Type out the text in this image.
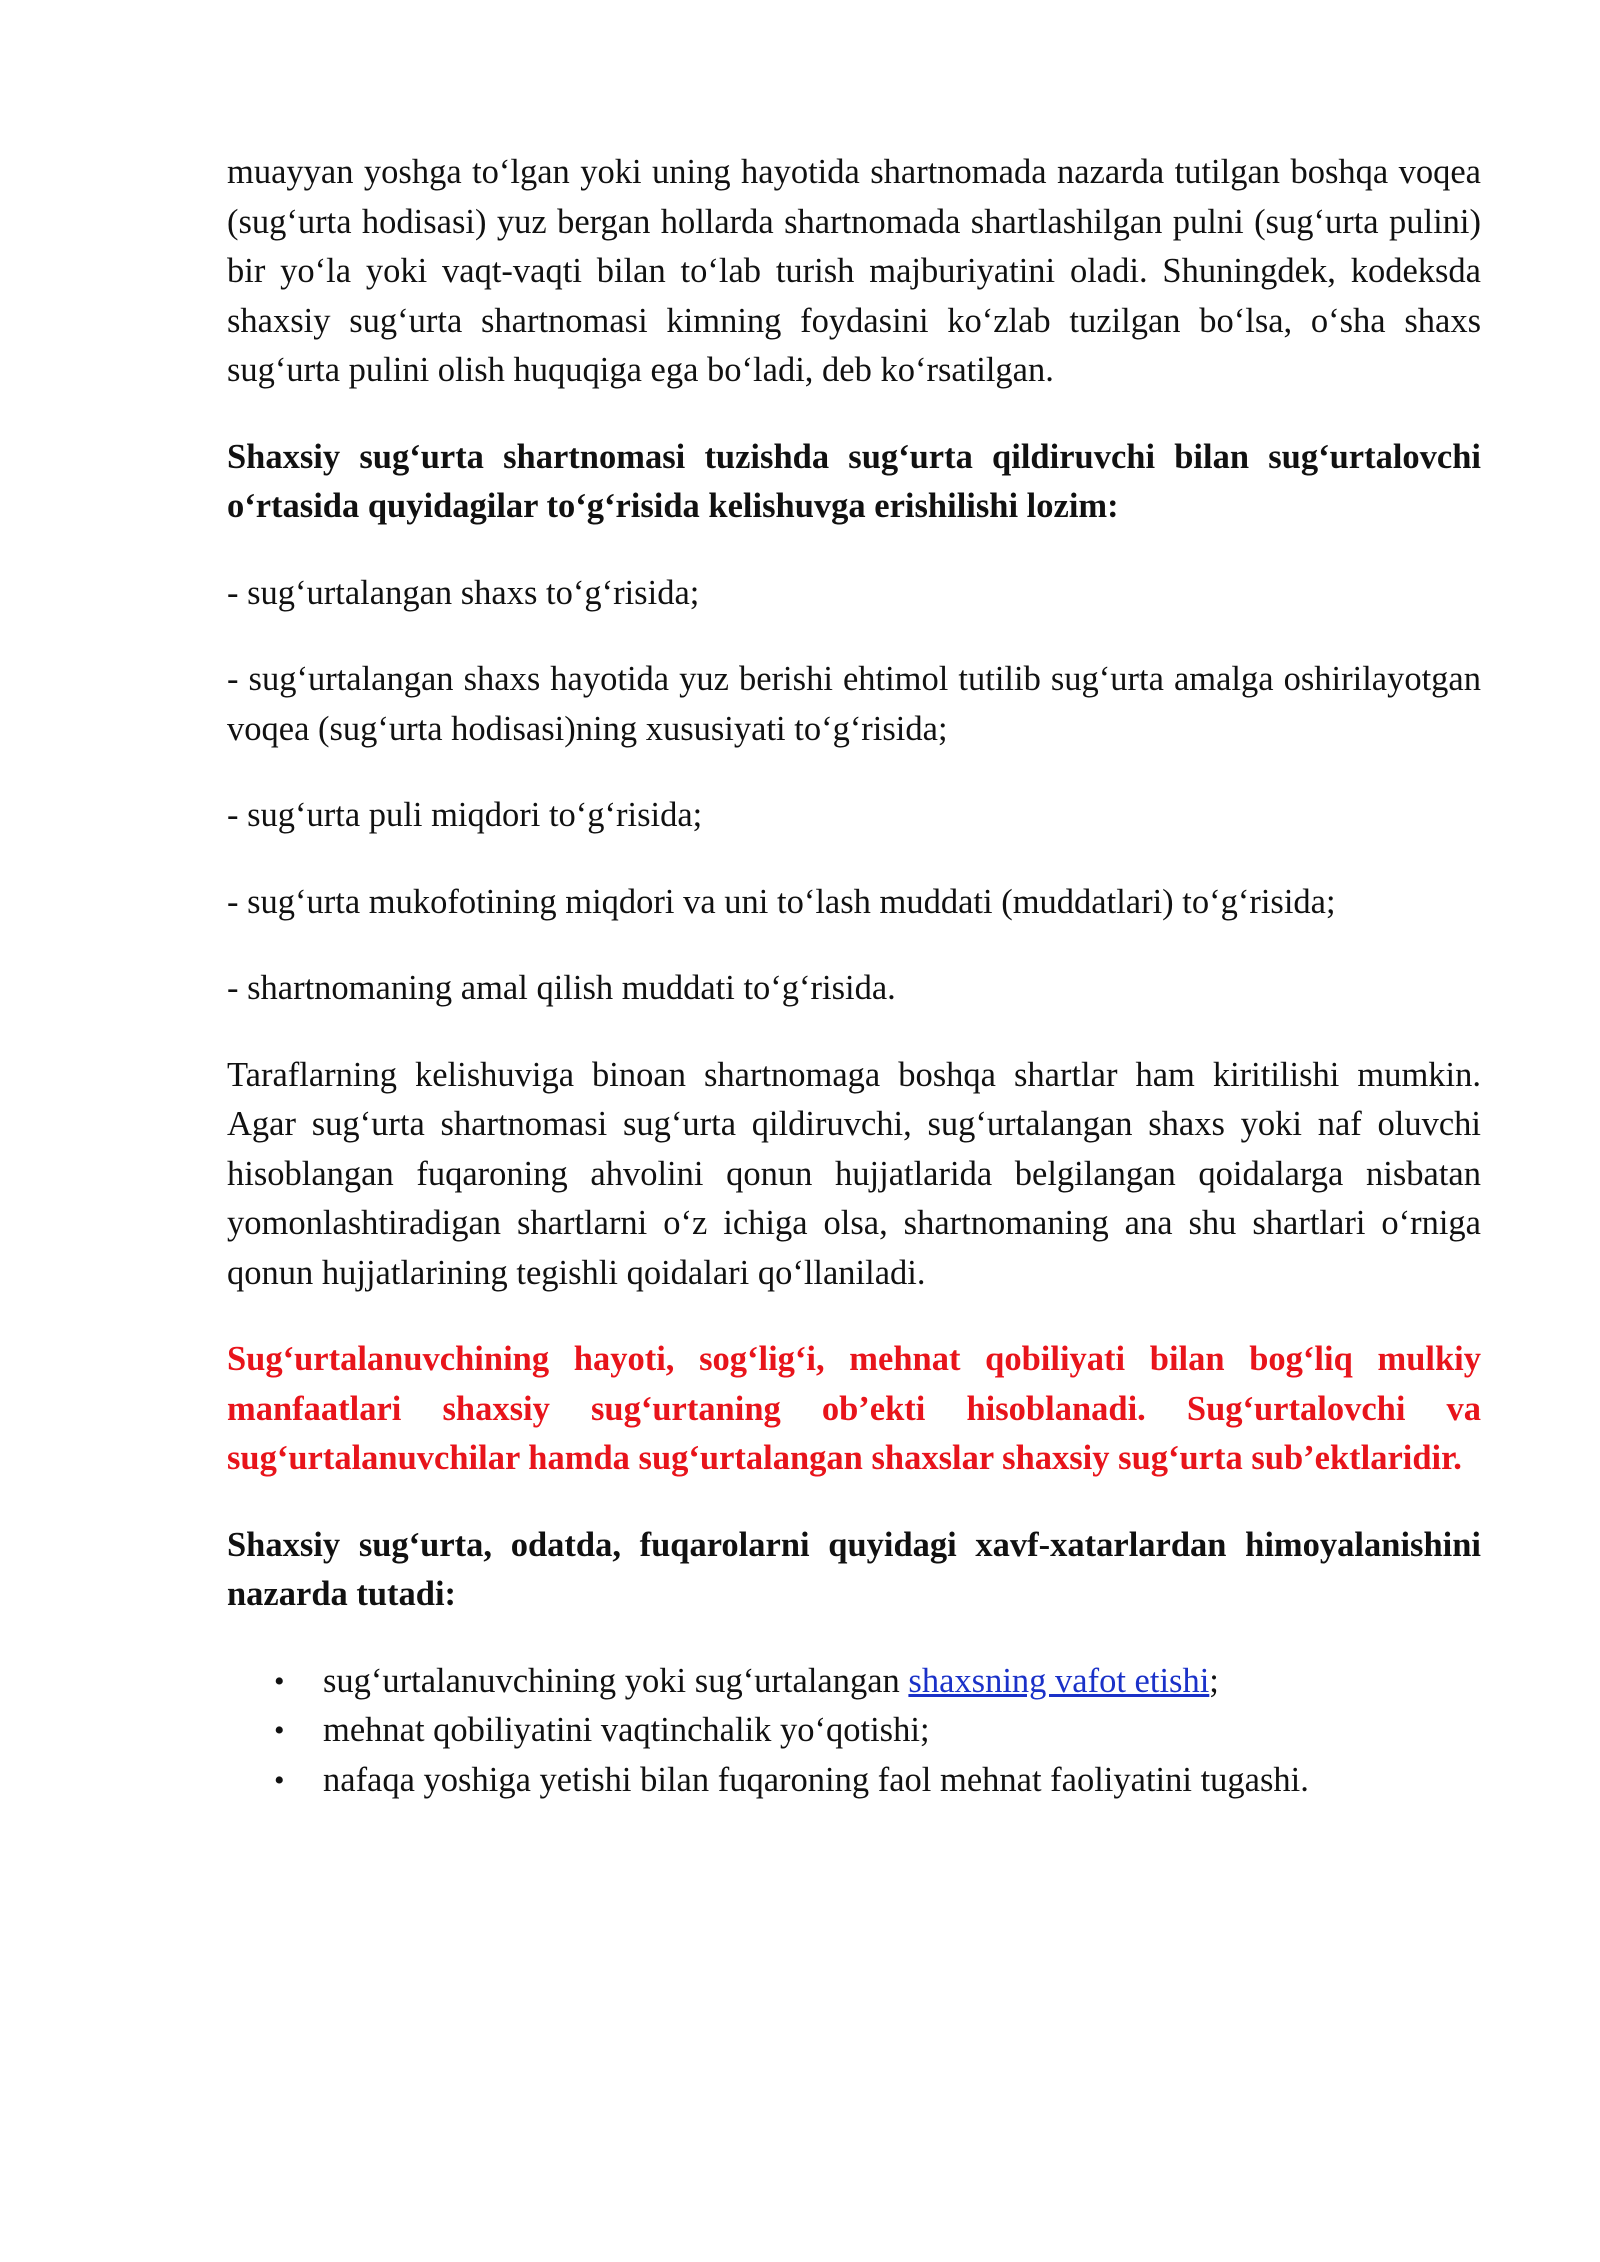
muayyan yoshga to‘lgan yoki uning hayotida shartnomada nazarda tutilgan boshqa voqea (sug‘urta hodisasi) yuz bergan hollarda shartnomada shartlashilgan pulni (sug‘urta pulini) bir yo‘la yoki vaqt-vaqti bilan to‘lab turish majburiyatini oladi. Shuningdek, kodeksda shaxsiy sug‘urta shartnomasi kimning foydasini ko‘zlab tuzilgan bo‘lsa, o‘sha shaxs sug‘urta pulini olish huquqiga ega bo‘ladi, deb ko‘rsatilgan.

Shaxsiy sug‘urta shartnomasi tuzishda sug‘urta qildiruvchi bilan sug‘urtalovchi o‘rtasida quyidagilar to‘g‘risida kelishuvga erishilishi lozim:

- sug‘urtalangan shaxs to‘g‘risida;

- sug‘urtalangan shaxs hayotida yuz berishi ehtimol tutilib sug‘urta amalga oshirilayotgan voqea (sug‘urta hodisasi)ning xususiyati to‘g‘risida;

- sug‘urta puli miqdori to‘g‘risida;

- sug‘urta mukofotining miqdori va uni to‘lash muddati (muddatlari) to‘g‘risida;

- shartnomaning amal qilish muddati to‘g‘risida.

Taraflarning kelishuviga binoan shartnomaga boshqa shartlar ham kiritilishi mumkin. Agar sug‘urta shartnomasi sug‘urta qildiruvchi, sug‘urtalangan shaxs yoki naf oluvchi hisoblangan fuqaroning ahvolini qonun hujjatlarida belgilangan qoidalarga nisbatan yomonlashtiradigan shartlarni o‘z ichiga olsa, shartnomaning ana shu shartlari o‘rniga qonun hujjatlarining tegishli qoidalari qo‘llaniladi.

Sug‘urtalanuvchining hayoti, sog‘lig‘i, mehnat qobiliyati bilan bog‘liq mulkiy manfaatlari shaxsiy sug‘urtaning ob’ekti hisoblanadi. Sug‘urtalovchi va sug‘urtalanuvchilar hamda sug‘urtalangan shaxslar shaxsiy sug‘urta sub’ektlaridir.

Shaxsiy sug‘urta, odatda, fuqarolarni quyidagi xavf-xatarlardan himoyalanishini nazarda tutadi:

• sug‘urtalanuvchining yoki sug‘urtalangan shaxsning vafot etishi;
• mehnat qobiliyatini vaqtinchalik yo‘qotishi;
• nafaqa yoshiga yetishi bilan fuqaroning faol mehnat faoliyatini tugashi.
